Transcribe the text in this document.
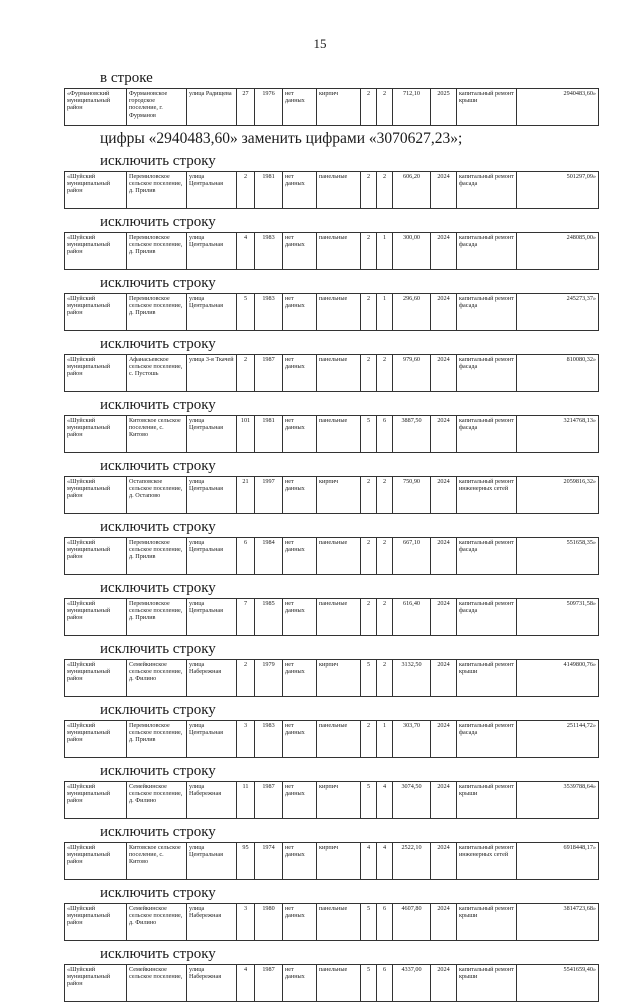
15
в строке
«Фурмановский муниципальный район	Фурмановское городское поселение, г. Фурманов	улица Радищева	27	1976	нет данных	кирпич	2	2	712,10	2025	капитальный ремонт крыши	2940483,60»
цифры «2940483,60» заменить цифрами «3070627,23»;
исключить строку
«Шуйский муниципальный район	Перемиловское сельское поселение, д. Прилив	улица Центральная	2	1981	нет данных	панельные	2	2	606,20	2024	капитальный ремонт фасада	501297,09»
исключить строку
«Шуйский муниципальный район	Перемиловское сельское поселение, д. Прилив	улица Центральная	4	1983	нет данных	панельные	2	1	300,00	2024	капитальный ремонт фасада	248085,00»
исключить строку
«Шуйский муниципальный район	Перемиловское сельское поселение, д. Прилив	улица Центральная	5	1983	нет данных	панельные	2	1	296,60	2024	капитальный ремонт фасада	245273,37»
исключить строку
«Шуйский муниципальный район	Афанасьевское сельское поселение, с. Пустошь	улица 3-я Ткачей	2	1987	нет данных	панельные	2	2	979,60	2024	капитальный ремонт фасада	810080,32»
исключить строку
«Шуйский муниципальный район	Китовское сельское поселение, с. Китово	улица Центральная	101	1981	нет данных	панельные	5	6	3887,50	2024	капитальный ремонт фасада	3214768,13»
исключить строку
«Шуйский муниципальный район	Остаповское сельское поселение, д. Остапово	улица Центральная	21	1997	нет данных	кирпич	2	2	750,90	2024	капитальный ремонт инженерных сетей	2059816,32»
исключить строку
«Шуйский муниципальный район	Перемиловское сельское поселение, д. Прилив	улица Центральная	6	1984	нет данных	панельные	2	2	667,10	2024	капитальный ремонт фасада	551658,35»
исключить строку
«Шуйский муниципальный район	Перемиловское сельское поселение, д. Прилив	улица Центральная	7	1985	нет данных	панельные	2	2	616,40	2024	капитальный ремонт фасада	509731,58»
исключить строку
«Шуйский муниципальный район	Семейкинское сельское поселение, д. Филино	улица Набережная	2	1979	нет данных	кирпич	5	2	3132,50	2024	капитальный ремонт крыши	4149800,76»
исключить строку
«Шуйский муниципальный район	Перемиловское сельское поселение, д. Прилив	улица Центральная	3	1983	нет данных	панельные	2	1	303,70	2024	капитальный ремонт фасада	251144,72»
исключить строку
«Шуйский муниципальный район	Семейкинское сельское поселение, д. Филино	улица Набережная	11	1987	нет данных	кирпич	5	4	3074,50	2024	капитальный ремонт крыши	3539788,64»
исключить строку
«Шуйский муниципальный район	Китовское сельское поселение, с. Китово	улица Центральная	95	1974	нет данных	кирпич	4	4	2522,10	2024	капитальный ремонт инженерных сетей	6918448,17»
исключить строку
«Шуйский муниципальный район	Семейкинское сельское поселение, д. Филино	улица Набережная	3	1980	нет данных	панельные	5	6	4607,80	2024	капитальный ремонт крыши	3814723,68»
исключить строку
«Шуйский муниципальный район	Семейкинское сельское поселение,	улица Набережная	4	1987	нет данных	панельные	5	6	4337,00	2024	капитальный ремонт крыши	5541659,40»
